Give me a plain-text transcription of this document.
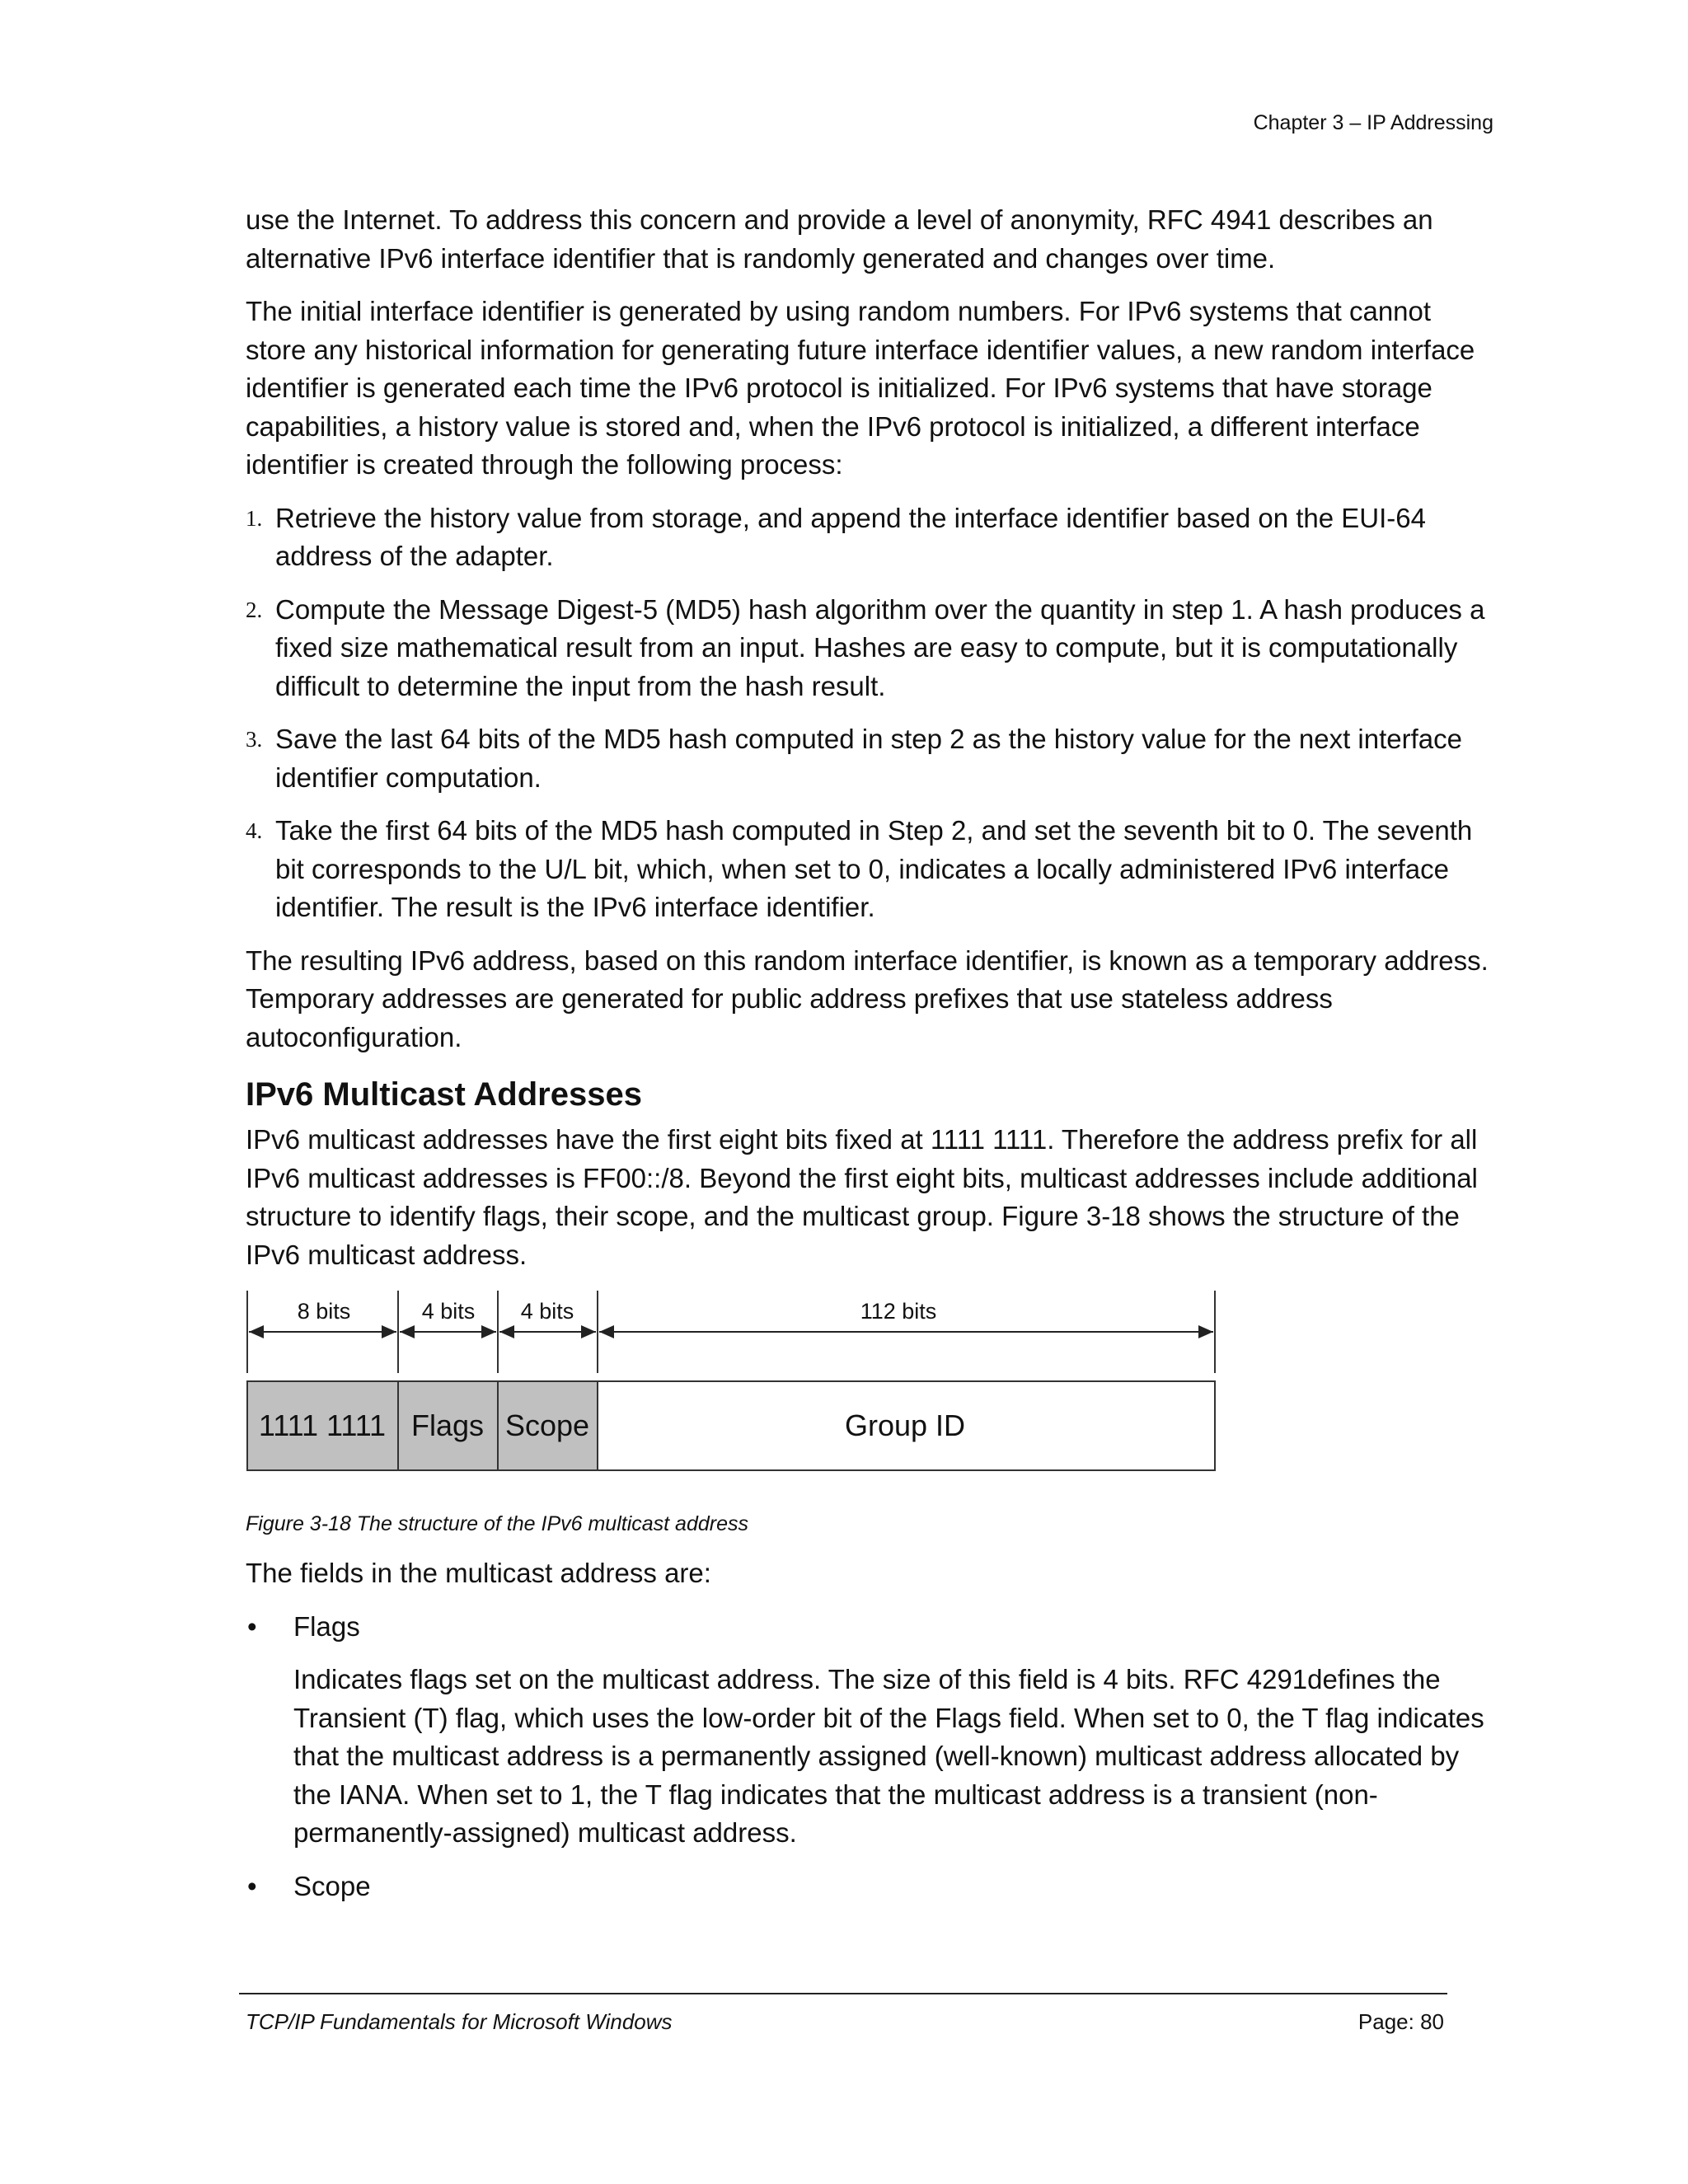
Chapter 3 – IP Addressing

use the Internet. To address this concern and provide a level of anonymity, RFC 4941 describes an alternative IPv6 interface identifier that is randomly generated and changes over time.

The initial interface identifier is generated by using random numbers. For IPv6 systems that cannot store any historical information for generating future interface identifier values, a new random interface identifier is generated each time the IPv6 protocol is initialized. For IPv6 systems that have storage capabilities, a history value is stored and, when the IPv6 protocol is initialized, a different interface identifier is created through the following process:

1. Retrieve the history value from storage, and append the interface identifier based on the EUI-64 address of the adapter.
2. Compute the Message Digest-5 (MD5) hash algorithm over the quantity in step 1. A hash produces a fixed size mathematical result from an input. Hashes are easy to compute, but it is computationally difficult to determine the input from the hash result.
3. Save the last 64 bits of the MD5 hash computed in step 2 as the history value for the next interface identifier computation.
4. Take the first 64 bits of the MD5 hash computed in Step 2, and set the seventh bit to 0. The seventh bit corresponds to the U/L bit, which, when set to 0, indicates a locally administered IPv6 interface identifier. The result is the IPv6 interface identifier.

The resulting IPv6 address, based on this random interface identifier, is known as a temporary address. Temporary addresses are generated for public address prefixes that use stateless address autoconfiguration.

IPv6 Multicast Addresses

IPv6 multicast addresses have the first eight bits fixed at 1111 1111. Therefore the address prefix for all IPv6 multicast addresses is FF00::/8. Beyond the first eight bits, multicast addresses include additional structure to identify flags, their scope, and the multicast group. Figure 3-18 shows the structure of the IPv6 multicast address.

8 bits	4 bits 4 bits	112 bits
1111 1111 Flags Scope	Group ID
Figure 3-18 The structure of the IPv6 multicast address

The fields in the multicast address are:

• Flags

Indicates flags set on the multicast address. The size of this field is 4 bits. RFC 4291defines the Transient (T) flag, which uses the low-order bit of the Flags field. When set to 0, the T flag indicates that the multicast address is a permanently assigned (well-known) multicast address allocated by the IANA. When set to 1, the T flag indicates that the multicast address is a transient (non-permanently-assigned) multicast address.

• Scope
TCP/IP Fundamentals for Microsoft Windows	Page: 80
